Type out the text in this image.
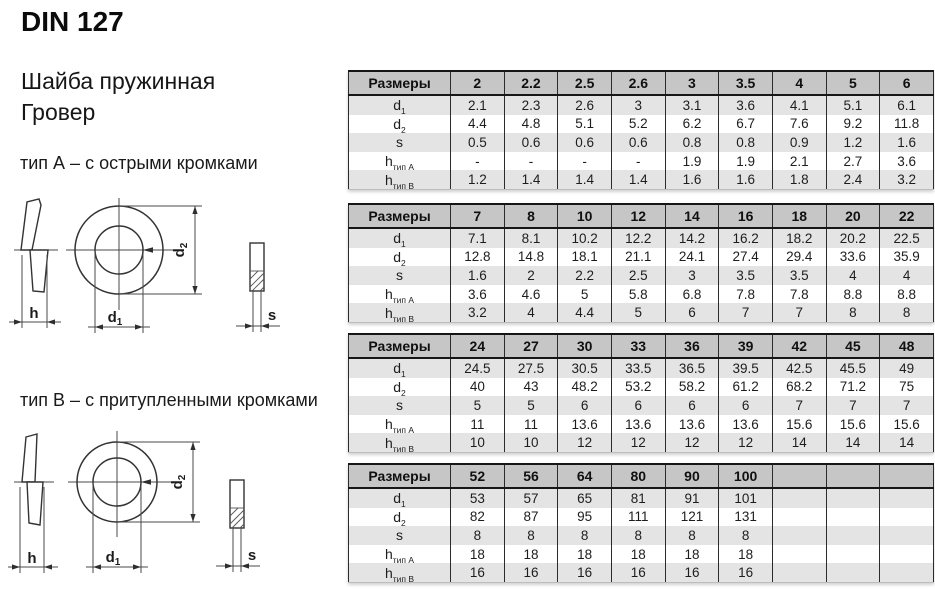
DIN 127
Шайба пружинная
Гровер
тип А – с острыми кромками
тип В – с притупленными кромками
h	$d_1$
$d_2$
s
h	$d_1$
$d_2$
s
Размеры	2	2.2	2.5	2.6	3	3.5	4	5	6
$d_1$	2.1	2.3	2.6	3	3.1	3.6	4.1	5.1	6.1
$d_2$	4.4	4.8	5.1	5.2	6.2	6.7	7.6	9.2	11.8
s	0.5	0.6	0.6	0.6	0.8	0.8	0.9	1.2	1.6
$h_{тип А}$	-	-	-	-	1.9	1.9	2.1	2.7	3.6
$h_{тип В}$	1.2	1.4	1.4	1.4	1.6	1.6	1.8	2.4	3.2
Размеры	7	8	10	12	14	16	18	20	22
$d_1$	7.1	8.1	10.2	12.2	14.2	16.2	18.2	20.2	22.5
$d_2$	12.8	14.8	18.1	21.1	24.1	27.4	29.4	33.6	35.9
s	1.6	2	2.2	2.5	3	3.5	3.5	4	4
$h_{тип А}$	3.6	4.6	5	5.8	6.8	7.8	7.8	8.8	8.8
$h_{тип В}$	3.2	4	4.4	5	6	7	7	8	8
Размеры	24	27	30	33	36	39	42	45	48
$d_1$	24.5	27.5	30.5	33.5	36.5	39.5	42.5	45.5	49
$d_2$	40	43	48.2	53.2	58.2	61.2	68.2	71.2	75
s	5	5	6	6	6	6	7	7	7
$h_{тип А}$	11	11	13.6	13.6	13.6	13.6	15.6	15.6	15.6
$h_{тип В}$	10	10	12	12	12	12	14	14	14
Размеры	52	56	64	80	90	100			
$d_1$	53	57	65	81	91	101			
$d_2$	82	87	95	111	121	131			
s	8	8	8	8	8	8			
$h_{тип А}$	18	18	18	18	18	18			
$h_{тип В}$	16	16	16	16	16	16			
